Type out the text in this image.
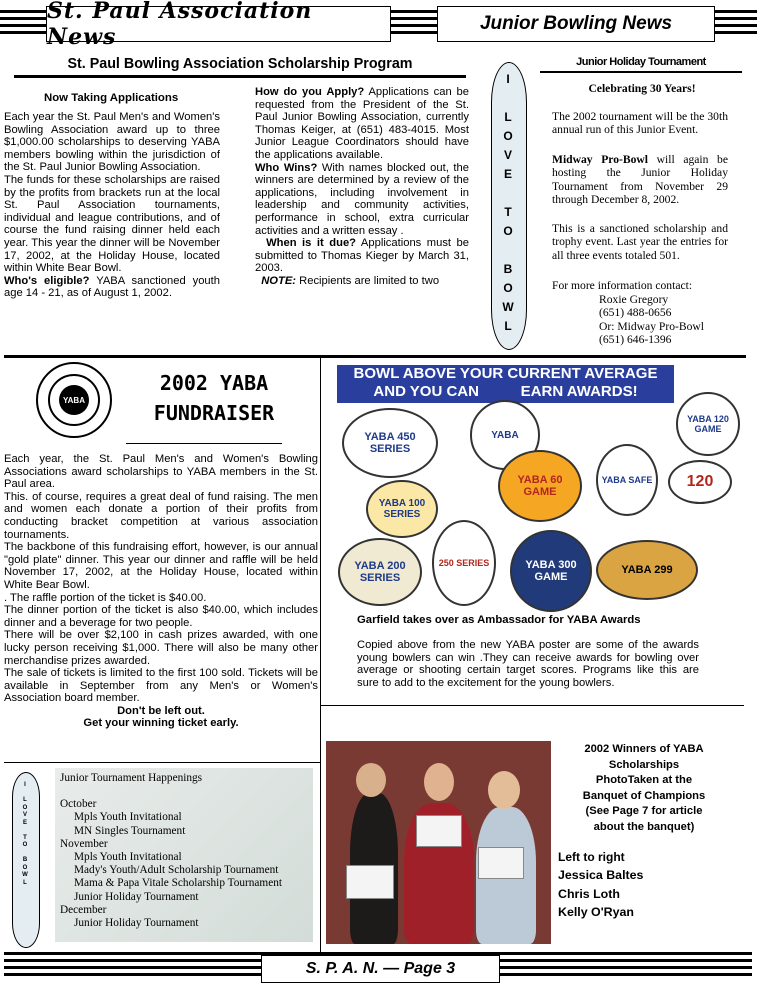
St. Paul Association News
Junior Bowling News
St. Paul Bowling Association Scholarship Program
Now Taking Applications

Each year the St. Paul Men's and Women's Bowling Association award up to three $1,000.00 scholarships to deserving YABA members bowling within the jurisdiction of the St. Paul Junior Bowling Association.

The funds for these scholarships are raised by the profits from brackets run at the local St. Paul Association tournaments, individual and league contributions, and of course the fund raising dinner held each year. This year the dinner will be November 17, 2002, at the Holiday House, located within White Bear Bowl.

Who's eligible? YABA sanctioned youth age 14 - 21, as of August 1, 2002.

How do you Apply? Applications can be requested from the President of the St. Paul Junior Bowling Association, currently Thomas Keiger, at (651) 483-4015. Most Junior League Coordinators should have the applications available.

Who Wins? With names blocked out, the winners are determined by a review of the applications, including involvement in leadership and community activities, performance in school, extra curricular activities and a written essay .

When is it due? Applications must be submitted to Thomas Kieger by March 31, 2003.

NOTE: Recipients are limited to two

I
L
O
V
E
T
O
B
O
W
L
Junior Holiday Tournament
Celebrating 30 Years!
The 2002 tournament will be the 30th annual run of this Junior Event.
Midway Pro-Bowl will again be hosting the Junior Holiday Tournament from November 29 through December 8, 2002.
This is a sanctioned scholarship and trophy event. Last year the entries for all three events totaled 501.
For more information contact:
Roxie Gregory
(651) 488-0656
Or: Midway Pro-Bowl
(651) 646-1396
YABA
2002 YABA
FUNDRAISER

Each year, the St. Paul Men's and Women's Bowling Associations award scholarships to YABA members in the St. Paul area.

This. of course, requires a great deal of fund raising. The men and women each donate a portion of their profits from conducting bracket competition at various association tournaments.

The backbone of this fundraising effort, however, is our annual "gold plate" dinner. This year our dinner and raffle will be held November 17, 2002, at the Holiday House, located within White Bear Bowl.

. The raffle portion of the ticket is $40.00.

The dinner portion of the ticket is also $40.00, which includes dinner and a beverage for two people.

There will be over $2,100 in cash prizes awarded, with one lucky person receiving $1,000. There will also be many other merchandise prizes awarded.

The sale of tickets is limited to the first 100 sold. Tickets will be available in September from any Men's or Women's Association board member.

Don't be left out.

Get your winning ticket early.

I
L
O
V
E
T
O
B
O
W
L
Junior Tournament Happenings
October
Mpls Youth Invitational
MN Singles Tournament
November
Mpls Youth Invitational
Mady's Youth/Adult Scholarship Tournament
Mama & Papa Vitale Scholarship Tournament
Junior Holiday Tournament
December
Junior Holiday Tournament
BOWL ABOVE YOUR CURRENT AVERAGE
AND YOU CAN          EARN AWARDS!
YABA 450 SERIES
YABA
YABA 120 GAME
YABA 100 SERIES
YABA 60 GAME
YABA SAFE	120
YABA 200 SERIES
250 SERIES	YABA 300 GAME
YABA 299
Garfield takes over as Ambassador for YABA Awards
Copied above from the new YABA poster are some of the awards young bowlers can win .They can receive awards for bowling over average or shooting certain target scores. Programs like this are sure to add to the excitement for the young bowlers.
2002 Winners of YABA
Scholarships
PhotoTaken at the
Banquet of Champions
(See Page 7 for article
about the banquet)
Left to right
Jessica Baltes
Chris Loth
Kelly O'Ryan
S. P. A. N. — Page 3
